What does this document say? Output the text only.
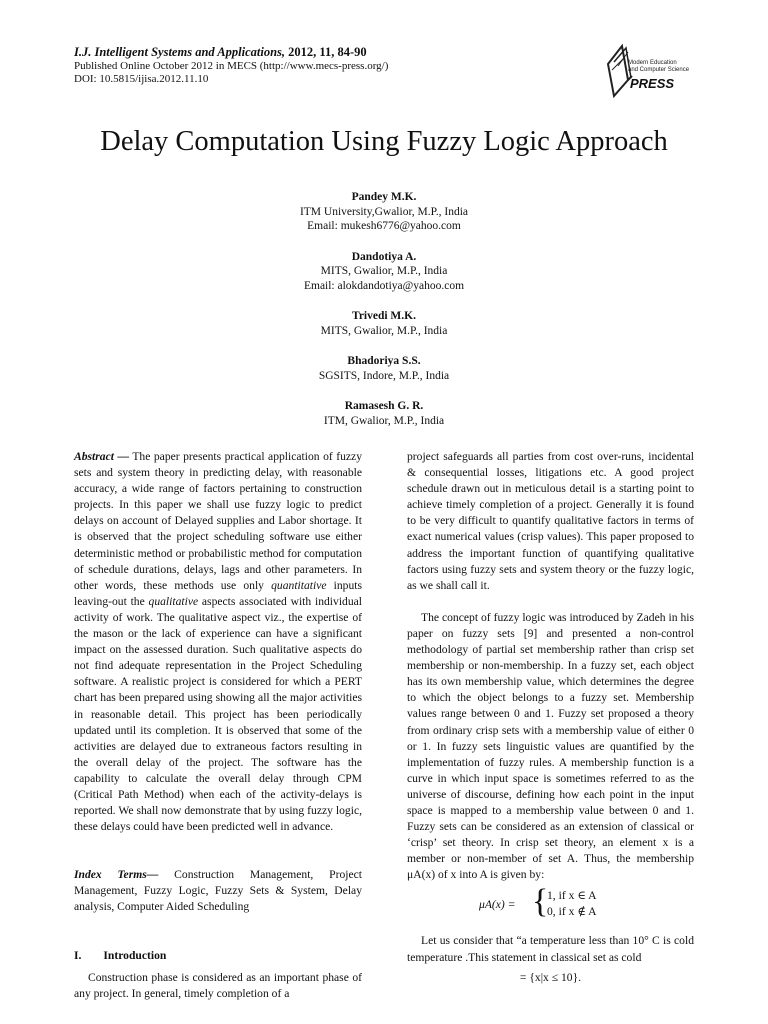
I.J. Intelligent Systems and Applications, 2012, 11, 84-90
Published Online October 2012 in MECS (http://www.mecs-press.org/)
DOI: 10.5815/ijisa.2012.11.10
Modern Education
and Computer Science
PRESS
Delay Computation Using Fuzzy Logic Approach
Pandey M.K.
ITM University,Gwalior, M.P., India
Email: mukesh6776@yahoo.com
Dandotiya A.
MITS, Gwalior, M.P., India
Email: alokdandotiya@yahoo.com
Trivedi M.K.
MITS, Gwalior, M.P., India
Bhadoriya S.S.
SGSITS, Indore, M.P., India
Ramasesh G. R.
ITM, Gwalior, M.P., India

Abstract — The paper presents practical application of fuzzy sets and system theory in predicting delay, with reasonable accuracy, a wide range of factors pertaining to construction projects. In this paper we shall use fuzzy logic to predict delays on account of Delayed supplies and Labor shortage. It is observed that the project scheduling software use either deterministic method or probabilistic method for computation of schedule durations, delays, lags and other parameters. In other words, these methods use only quantitative inputs leaving-out the qualitative aspects associated with individual activity of work. The qualitative aspect viz., the expertise of the mason or the lack of experience can have a significant impact on the assessed duration. Such qualitative aspects do not find adequate representation in the Project Scheduling software. A realistic project is considered for which a PERT chart has been prepared using showing all the major activities in reasonable detail. This project has been periodically updated until its completion. It is observed that some of the activities are delayed due to extraneous factors resulting in the overall delay of the project. The software has the capability to calculate the overall delay through CPM (Critical Path Method) when each of the activity-delays is reported. We shall now demonstrate that by using fuzzy logic, these delays could have been predicted well in advance.

Index Terms— Construction Management, Project Management, Fuzzy Logic, Fuzzy Sets & System, Delay analysis, Computer Aided Scheduling

I. Introduction

Construction phase is considered as an important phase of any project. In general, timely completion of a

project safeguards all parties from cost over-runs, incidental & consequential losses, litigations etc. A good project schedule drawn out in meticulous detail is a starting point to achieve timely completion of a project. Generally it is found to be very difficult to quantify qualitative factors in terms of exact numerical values (crisp values). This paper proposed to address the important function of quantifying qualitative factors using fuzzy sets and system theory or the fuzzy logic, as we shall call it.

The concept of fuzzy logic was introduced by Zadeh in his paper on fuzzy sets [9] and presented a non-control methodology of partial set membership rather than crisp set membership or non-membership. In a fuzzy set, each object has its own membership value, which determines the degree to which the object belongs to a fuzzy set. Membership values range between 0 and 1. Fuzzy set proposed a theory from ordinary crisp sets with a membership value of either 0 or 1. In fuzzy sets linguistic values are quantified by the implementation of fuzzy rules. A membership function is a curve in which input space is sometimes referred to as the universe of discourse, defining how each point in the input space is mapped to a membership value between 0 and 1. Fuzzy sets can be considered as an extension of classical or ‘crisp’ set theory. In crisp set theory, an element x is a member or non-member of set A. Thus, the membership μA(x) of x into A is given by:

μA(x) = {
1, if x ∈ A
0, if x ∉ A

Let us consider that “a temperature less than 10° C is cold temperature .This statement in classical set as cold

= {x|x ≤ 10}.
